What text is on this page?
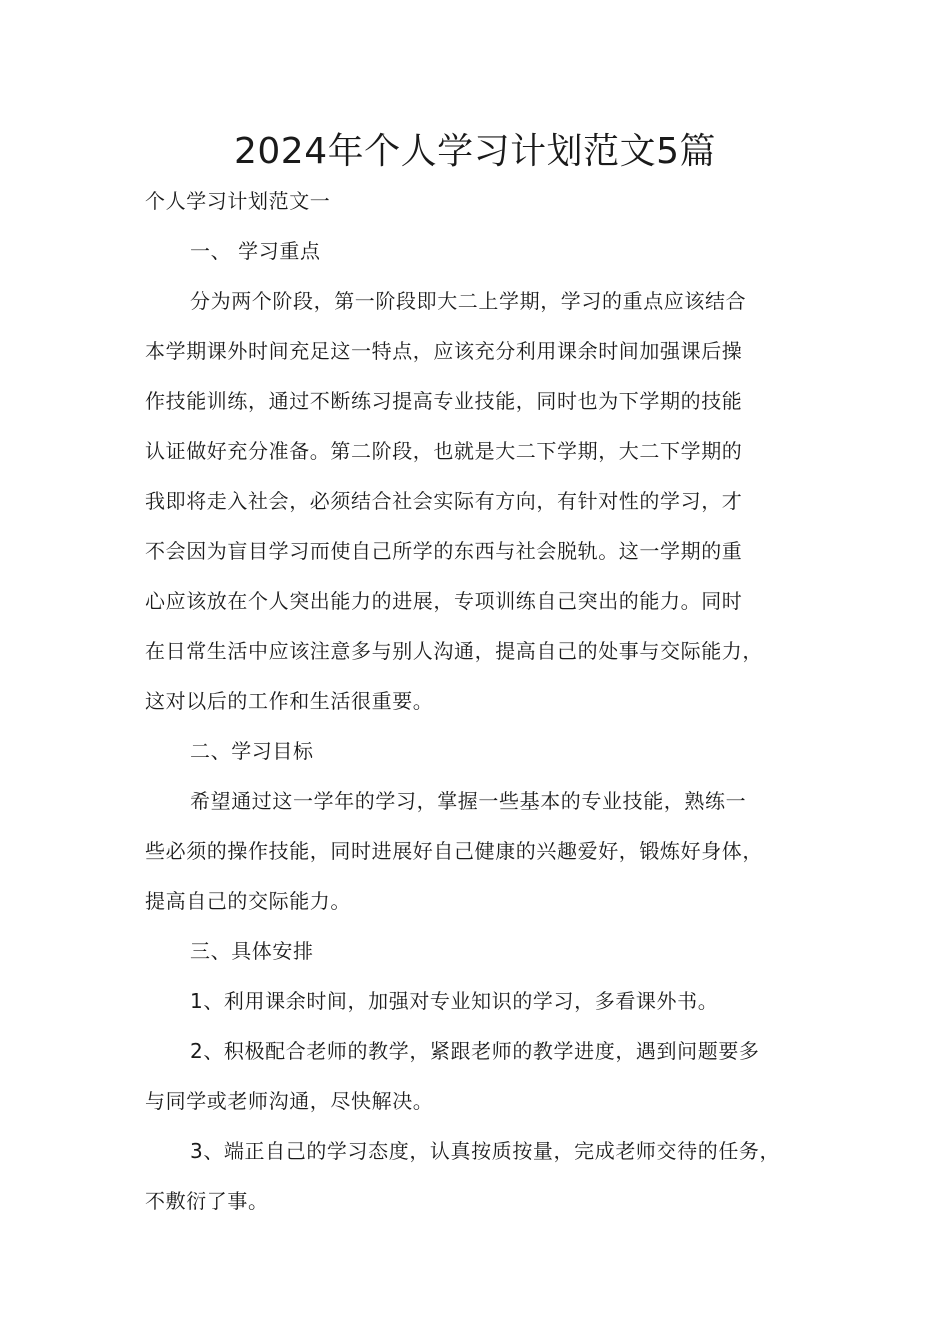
2024年个人学习计划范文5篇

个人学习计划范文一

一、 学习重点

分为两个阶段，第一阶段即大二上学期，学习的重点应该结合

本学期课外时间充足这一特点，应该充分利用课余时间加强课后操

作技能训练，通过不断练习提高专业技能，同时也为下学期的技能

认证做好充分准备。第二阶段，也就是大二下学期，大二下学期的

我即将走入社会，必须结合社会实际有方向，有针对性的学习，才

不会因为盲目学习而使自己所学的东西与社会脱轨。这一学期的重

心应该放在个人突出能力的进展，专项训练自己突出的能力。同时

在日常生活中应该注意多与别人沟通，提高自己的处事与交际能力，

这对以后的工作和生活很重要。

二、学习目标

希望通过这一学年的学习，掌握一些基本的专业技能，熟练一

些必须的操作技能，同时进展好自己健康的兴趣爱好，锻炼好身体，

提高自己的交际能力。

三、具体安排

1、利用课余时间，加强对专业知识的学习，多看课外书。

2、积极配合老师的教学，紧跟老师的教学进度，遇到问题要多

与同学或老师沟通，尽快解决。

3、端正自己的学习态度，认真按质按量，完成老师交待的任务，

不敷衍了事。
